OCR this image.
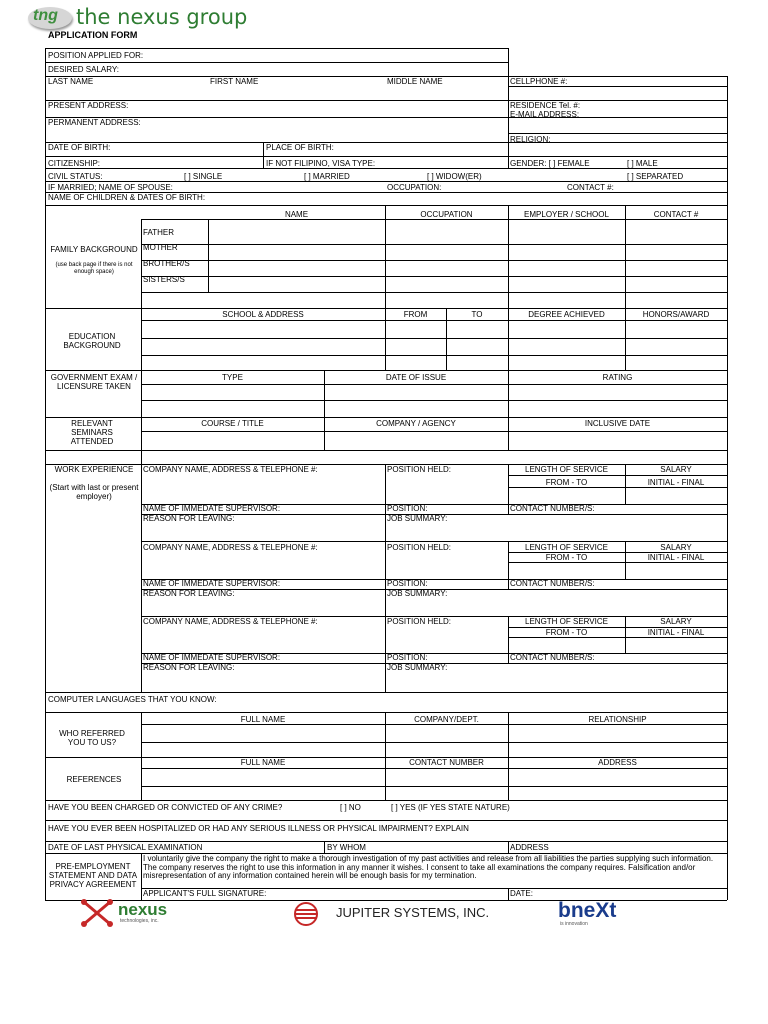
tng the nexus group
APPLICATION FORM
POSITION APPLIED FOR:
DESIRED SALARY:
LAST NAME	FIRST NAME	MIDDLE NAME	CELLPHONE #:
PRESENT ADDRESS:	RESIDENCE Tel. #:
E-MAIL ADDRESS:
PERMANENT ADDRESS:
RELIGION:
DATE OF BIRTH:	PLACE OF BIRTH:
CITIZENSHIP:	IF NOT FILIPINO, VISA TYPE:	GENDER: [ ] FEMALE	[ ] MALE
CIVIL STATUS:	[ ] SINGLE	[ ] MARRIED	[ ] WIDOW(ER)	[ ] SEPARATED
IF MARRIED; NAME OF SPOUSE:	OCCUPATION:	CONTACT #:
NAME OF CHILDREN & DATES OF BIRTH:
NAME	OCCUPATION	EMPLOYER / SCHOOL	CONTACT #
FATHER
MOTHER
BROTHER/S
SISTERS/S
FAMILY BACKGROUND
(use back page if there is not enough space)
SCHOOL & ADDRESS	FROM	TO	DEGREE ACHIEVED	HONORS/AWARD
EDUCATION BACKGROUND
TYPE	DATE OF ISSUE	RATING
GOVERNMENT EXAM / LICENSURE TAKEN
COURSE / TITLE	COMPANY / AGENCY	INCLUSIVE DATE
RELEVANT SEMINARS ATTENDED
WORK EXPERIENCE
(Start with last or present employer)
COMPANY NAME, ADDRESS & TELEPHONE #:	POSITION HELD:	LENGTH OF SERVICE	SALARY
FROM - TO	INITIAL - FINAL
NAME OF IMMEDATE SUPERVISOR:	POSITION:	CONTACT NUMBER/S:
REASON FOR LEAVING:	JOB SUMMARY:
COMPANY NAME, ADDRESS & TELEPHONE #:	POSITION HELD:	LENGTH OF SERVICE	SALARY
FROM - TO	INITIAL - FINAL
NAME OF IMMEDATE SUPERVISOR:	POSITION:	CONTACT NUMBER/S:
REASON FOR LEAVING:	JOB SUMMARY:
COMPANY NAME, ADDRESS & TELEPHONE #:	POSITION HELD:	LENGTH OF SERVICE	SALARY
FROM - TO	INITIAL - FINAL
NAME OF IMMEDATE SUPERVISOR:	POSITION:	CONTACT NUMBER/S:
REASON FOR LEAVING:	JOB SUMMARY:
COMPUTER LANGUAGES THAT YOU KNOW:
FULL NAME	COMPANY/DEPT.	RELATIONSHIP
WHO REFERRED YOU TO US?
FULL NAME	CONTACT NUMBER	ADDRESS
REFERENCES
HAVE YOU BEEN CHARGED OR CONVICTED OF ANY CRIME?	[ ] NO	[ ] YES (IF YES STATE NATURE)
HAVE YOU EVER BEEN HOSPITALIZED OR HAD ANY SERIOUS ILLNESS OR PHYSICAL IMPAIRMENT? EXPLAIN
DATE OF LAST PHYSICAL EXAMINATION	BY WHOM	ADDRESS
PRE-EMPLOYMENT STATEMENT AND DATA PRIVACY AGREEMENT
I voluntarily give the company the right to make a thorough investigation of my past activities and release from all liabilities the parties supplying such information. The company reserves the right to use this information in any manner it wishes. I consent to take all examinations the company requires. Falsification and/or misrepresentation of any information contained herein will be enough basis for my termination.
APPLICANT'S FULL SIGNATURE:	DATE:
nexus
technologies, inc.
JUPITER SYSTEMS, INC.	bneXt
is innovation
